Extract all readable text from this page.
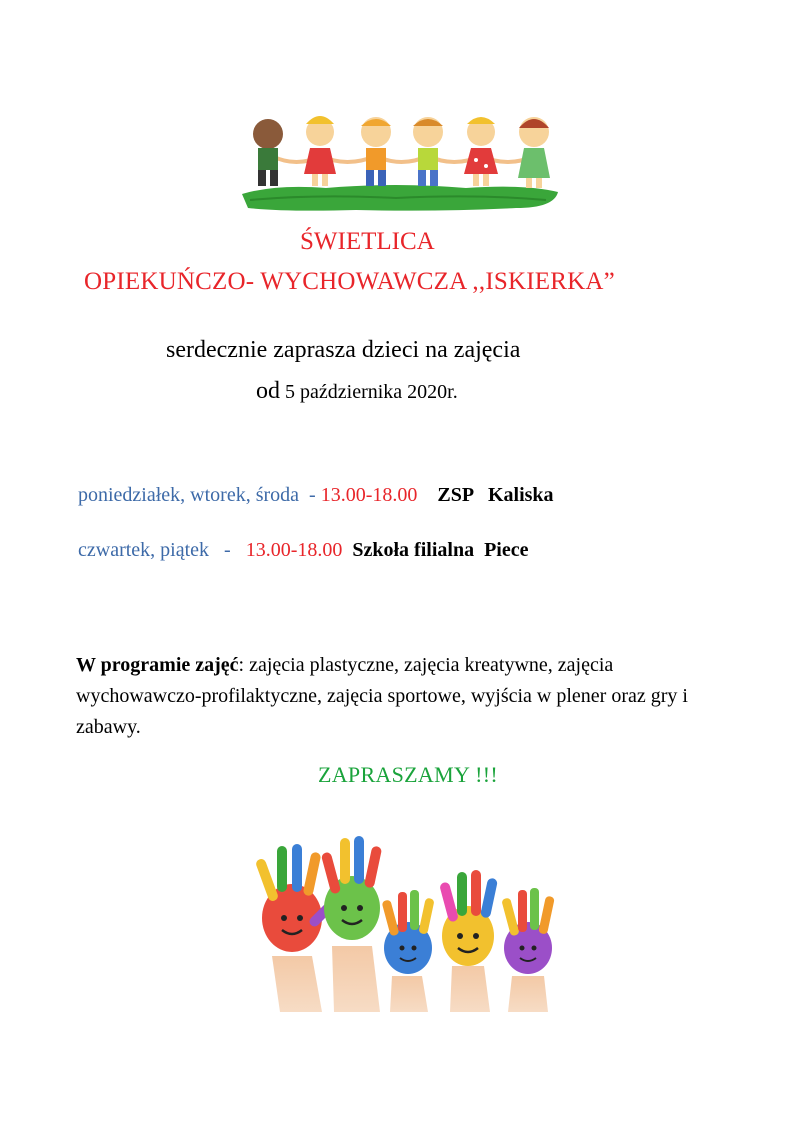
ŚWIETLICA
OPIEKUŃCZO- WYCHOWAWCZA ,,ISKIERKA”
serdecznie zaprasza dzieci na zajęcia
od 5 października 2020r.
poniedziałek, wtorek, środa  - 13.00-18.00    ZSP   Kaliska
czwartek, piątek   -   13.00-18.00  Szkoła filialna  Piece
W programie zajęć: zajęcia plastyczne, zajęcia kreatywne, zajęcia wychowawczo-profilaktyczne, zajęcia sportowe, wyjścia w plener oraz gry i zabawy.
ZAPRASZAMY !!!
